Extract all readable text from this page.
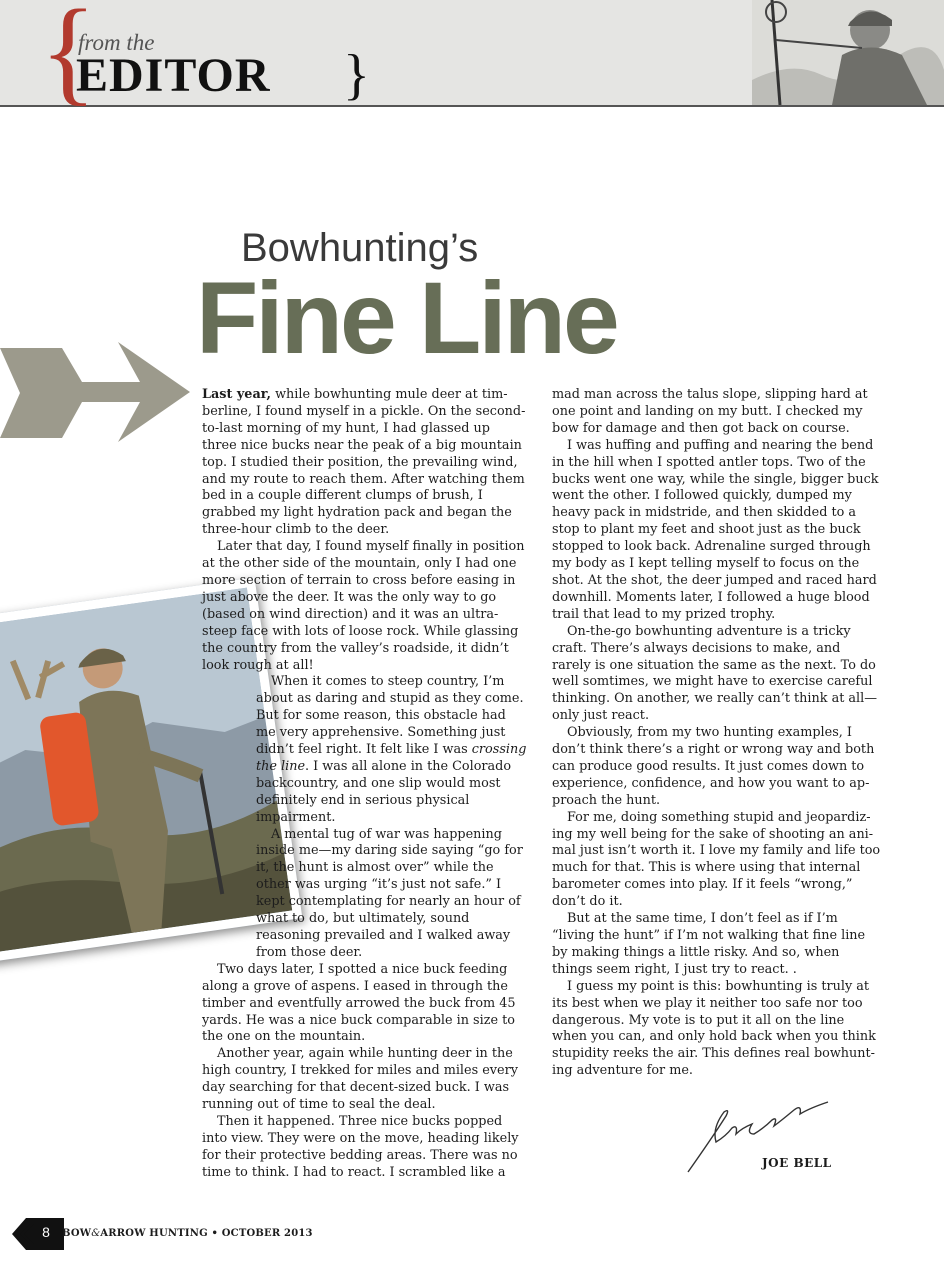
{
from the
EDITOR }
Bowhunting’s
Fine Line

Last year, while bowhunting mule deer at timberline, I found myself in a pickle. On the second-to-last morning of my hunt, I had glassed up three nice bucks near the peak of a big mountain top. I studied their position, the prevailing wind, and my route to reach them. After watching them bed in a couple different clumps of brush, I grabbed my light hydration pack and began the three-hour climb to the deer.

Later that day, I found myself finally in position at the other side of the mountain, only I had one more section of terrain to cross before easing in just above the deer. It was the only way to go (based on wind direction) and it was an ultra-steep face with lots of loose rock. While glassing the country from the valley’s roadside, it didn’t look rough at all!

When it comes to steep country, I’m about as daring and stupid as they come. But for some reason, this obstacle had me very apprehensive. Something just didn’t feel right. It felt like I was crossing the line. I was all alone in the Colorado backcountry, and one slip would most definitely end in serious physical impairment.

A mental tug of war was happening inside me—my daring side saying “go for it, the hunt is almost over” while the other was urging “it’s just not safe.” I kept contemplating for nearly an hour of what to do, but ultimately, sound reasoning prevailed and I walked away from those deer.

Two days later, I spotted a nice buck feeding along a grove of aspens. I eased in through the timber and eventfully arrowed the buck from 45 yards. He was a nice buck comparable in size to the one on the mountain.

Another year, again while hunting deer in the high country, I trekked for miles and miles every day searching for that decent-sized buck. I was running out of time to seal the deal.

Then it happened. Three nice bucks popped into view. They were on the move, heading likely for their protective bedding areas. There was no time to think. I had to react. I scrambled like a

mad man across the talus slope, slipping hard at one point and landing on my butt. I checked my bow for damage and then got back on course.

I was huffing and puffing and nearing the bend in the hill when I spotted antler tops. Two of the bucks went one way, while the single, bigger buck went the other. I followed quickly, dumped my heavy pack in midstride, and then skidded to a stop to plant my feet and shoot just as the buck stopped to look back. Adrenaline surged through my body as I kept telling myself to focus on the shot. At the shot, the deer jumped and raced hard downhill. Moments later, I followed a huge blood trail that lead to my prized trophy.

On-the-go bowhunting adventure is a tricky craft. There’s always decisions to make, and rarely is one situation the same as the next. To do well somtimes, we might have to exercise careful thinking. On another, we really can’t think at all—only just react.

Obviously, from my two hunting examples, I don’t think there’s a right or wrong way and both can produce good results. It just comes down to experience, confidence, and how you want to approach the hunt.

For me, doing something stupid and jeopardizing my well being for the sake of shooting an animal just isn’t worth it. I love my family and life too much for that. This is where using that internal barometer comes into play. If it feels “wrong,” don’t do it.

But at the same time, I don’t feel as if I’m “living the hunt” if I’m not walking that fine line by making things a little risky. And so, when things seem right, I just try to react. .

I guess my point is this: bowhunting is truly at its best when we play it neither too safe nor too dangerous. My vote is to put it all on the line when you can, and only hold back when you think stupidity reeks the air. This defines real bowhunting adventure for me.

JOE BELL
8	BOW&ARROW HUNTING • OCTOBER 2013
